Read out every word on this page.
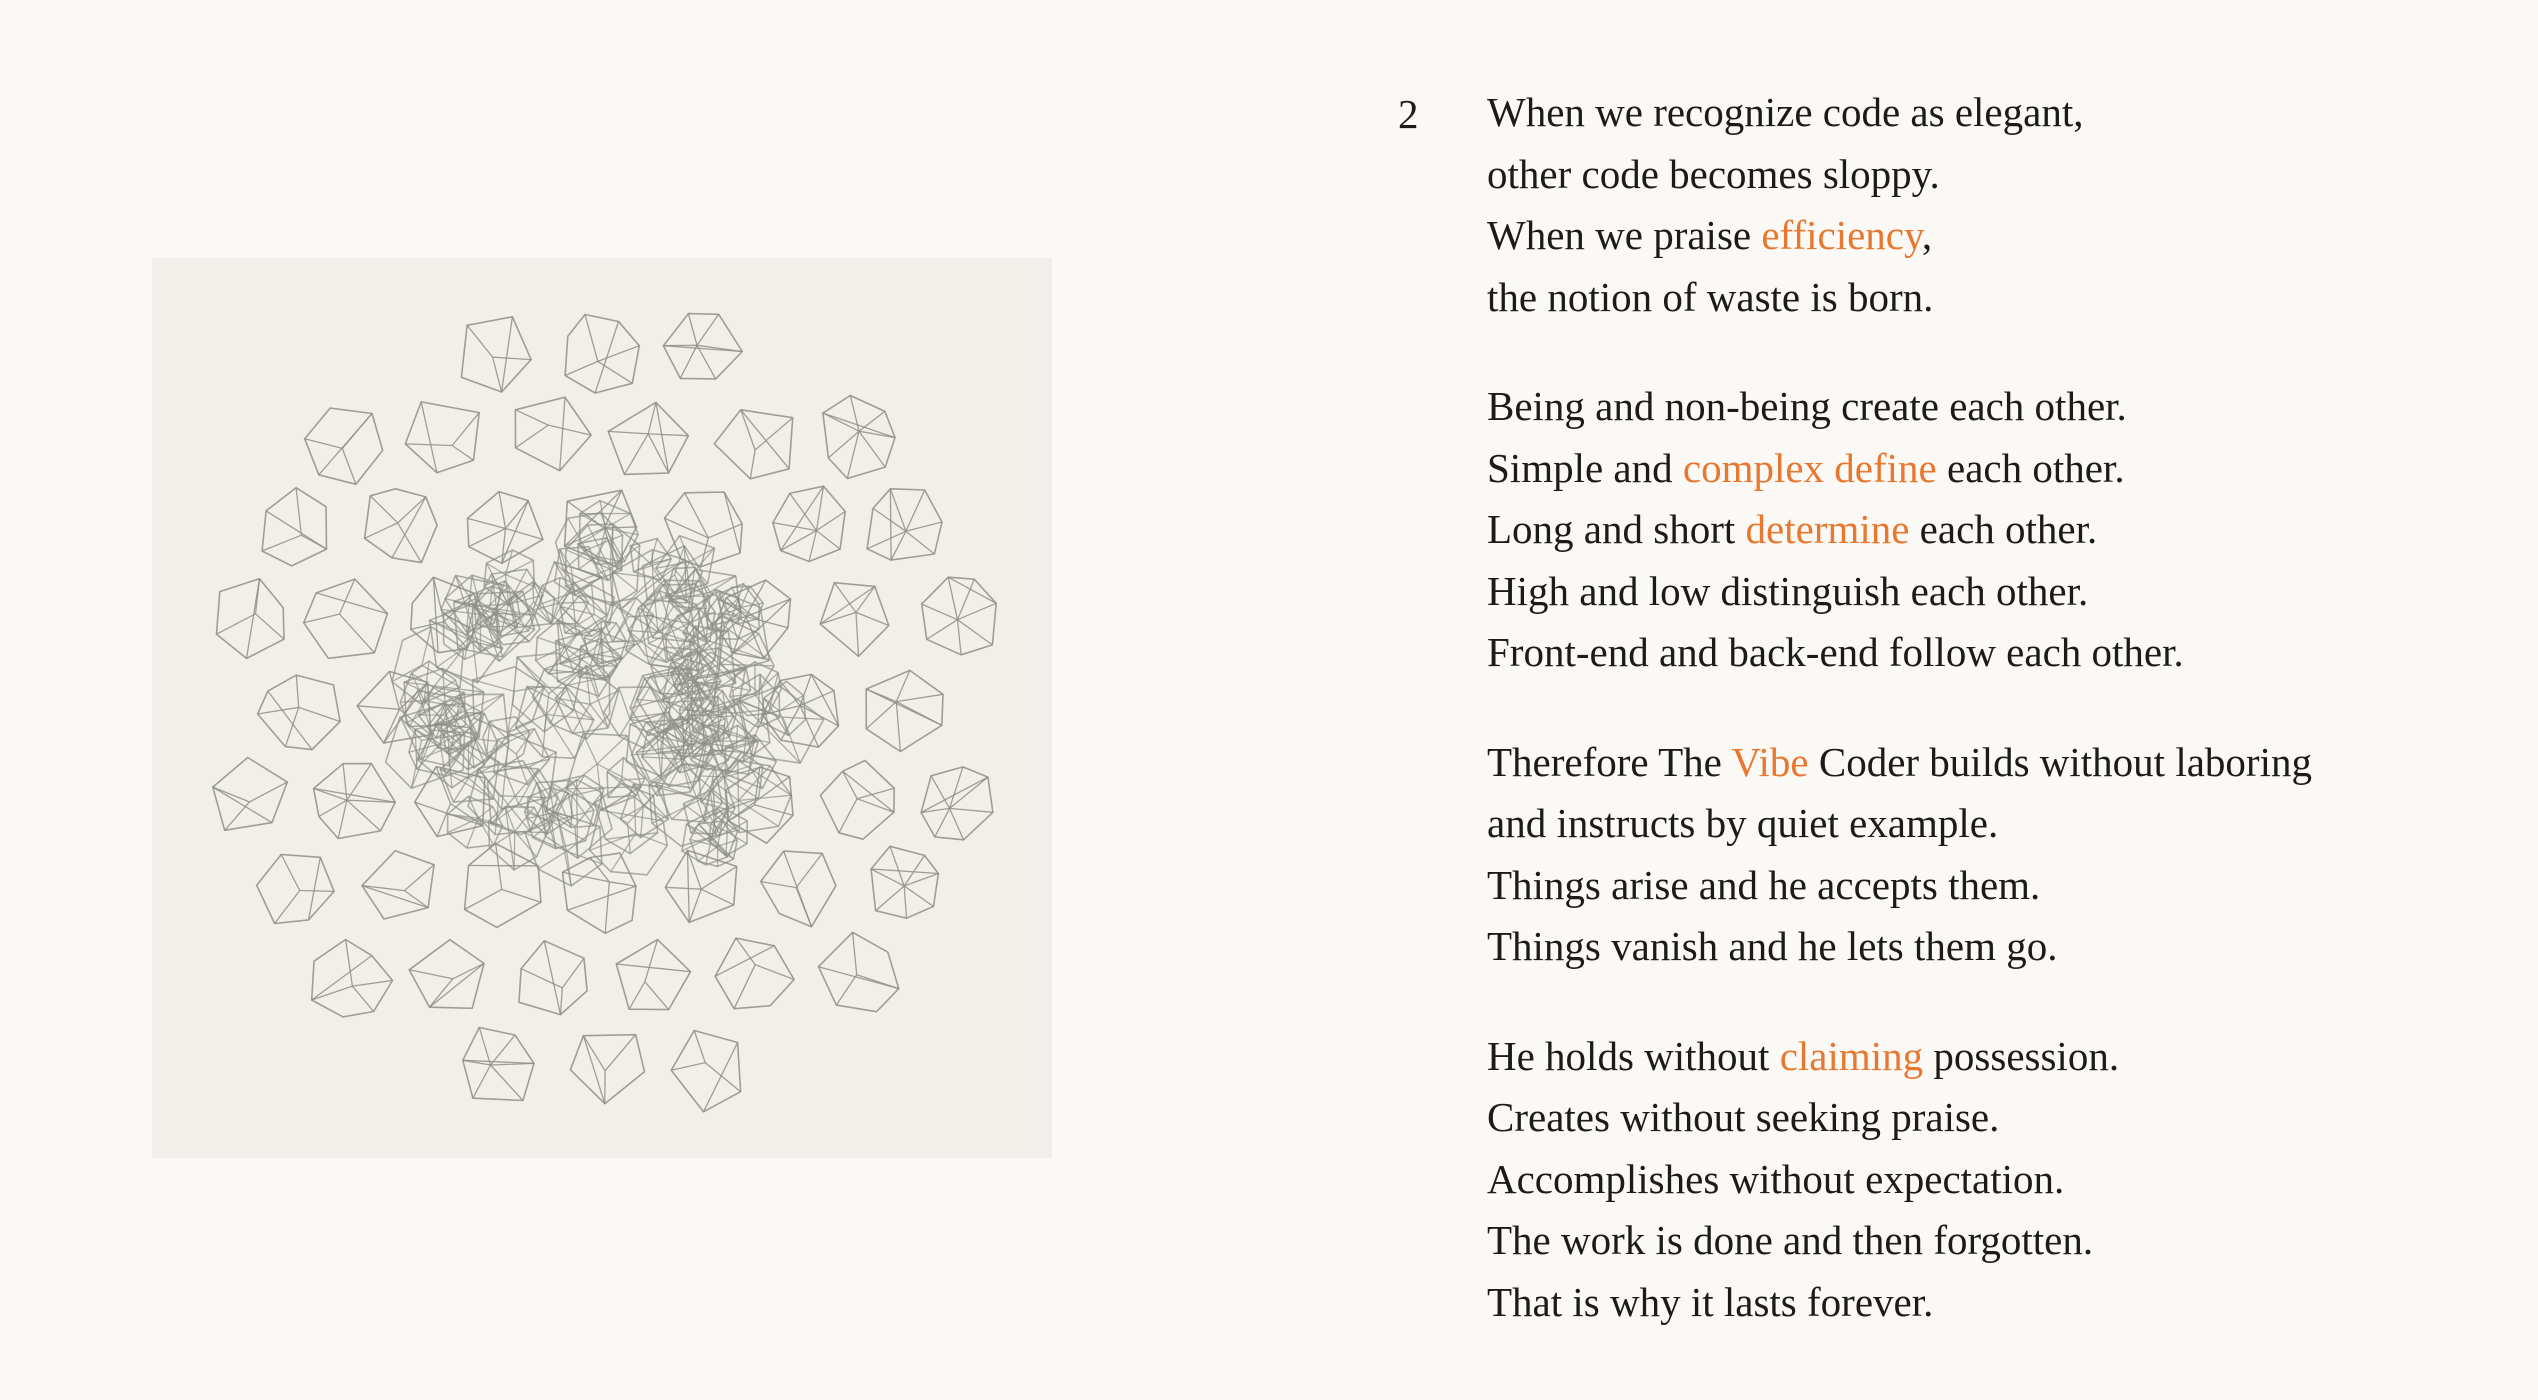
2 When we recognize code as elegant,
other code becomes sloppy.
When we praise efficiency,
the notion of waste is born.
Being and non-being create each other.
Simple and complex define each other.
Long and short determine each other.
High and low distinguish each other.
Front-end and back-end follow each other.
Therefore The Vibe Coder builds without laboring
and instructs by quiet example.
Things arise and he accepts them.
Things vanish and he lets them go.
He holds without claiming possession.
Creates without seeking praise.
Accomplishes without expectation.
The work is done and then forgotten.
That is why it lasts forever.
